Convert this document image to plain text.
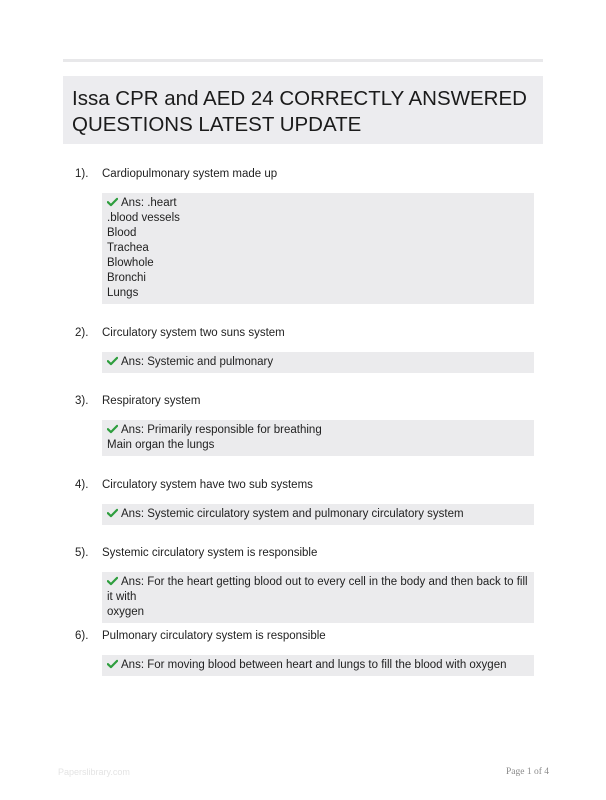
Issa CPR and AED 24 CORRECTLY ANSWERED QUESTIONS LATEST UPDATE
1). Cardiopulmonary system made up
Ans: .heart
.blood vessels
Blood
Trachea
Blowhole
Bronchi
Lungs
2). Circulatory system two suns system
Ans: Systemic and pulmonary
3). Respiratory system
Ans: Primarily responsible for breathing
Main organ the lungs
4). Circulatory system have two sub systems
Ans: Systemic circulatory system and pulmonary circulatory system
5). Systemic circulatory system is responsible
Ans: For the heart getting blood out to every cell in the body and then back to fill it with
oxygen
6). Pulmonary circulatory system is responsible
Ans: For moving blood between heart and lungs to fill the blood with oxygen
Paperslibrary.com	Page 1 of 4
